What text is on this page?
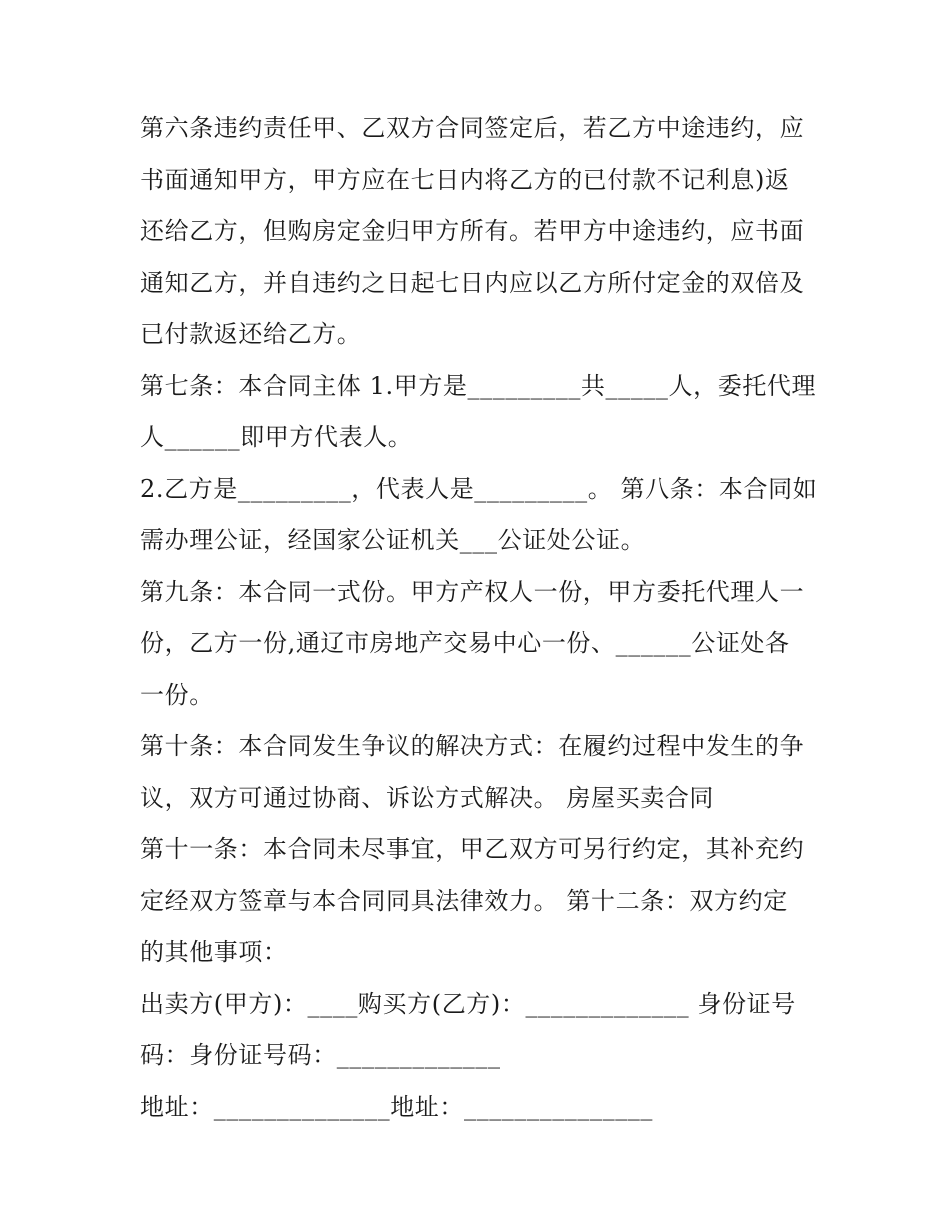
第六条违约责任甲、乙双方合同签定后，若乙方中途违约，应
书面通知甲方，甲方应在七日内将乙方的已付款不记利息)返
还给乙方，但购房定金归甲方所有。若甲方中途违约，应书面
通知乙方，并自违约之日起七日内应以乙方所付定金的双倍及
已付款返还给乙方。
第七条：本合同主体 1.甲方是_________共_____人，委托代理
人______即甲方代表人。
2.乙方是_________，代表人是_________。 第八条：本合同如
需办理公证，经国家公证机关___公证处公证。
第九条：本合同一式份。甲方产权人一份，甲方委托代理人一
份，乙方一份,通辽市房地产交易中心一份、______公证处各
一份。
第十条：本合同发生争议的解决方式：在履约过程中发生的争
议，双方可通过协商、诉讼方式解决。 房屋买卖合同
第十一条：本合同未尽事宜，甲乙双方可另行约定，其补充约
定经双方签章与本合同同具法律效力。 第十二条：双方约定
的其他事项：
出卖方(甲方)：____购买方(乙方)：_____________ 身份证号
码：身份证号码：_____________
地址：______________地址：_______________
